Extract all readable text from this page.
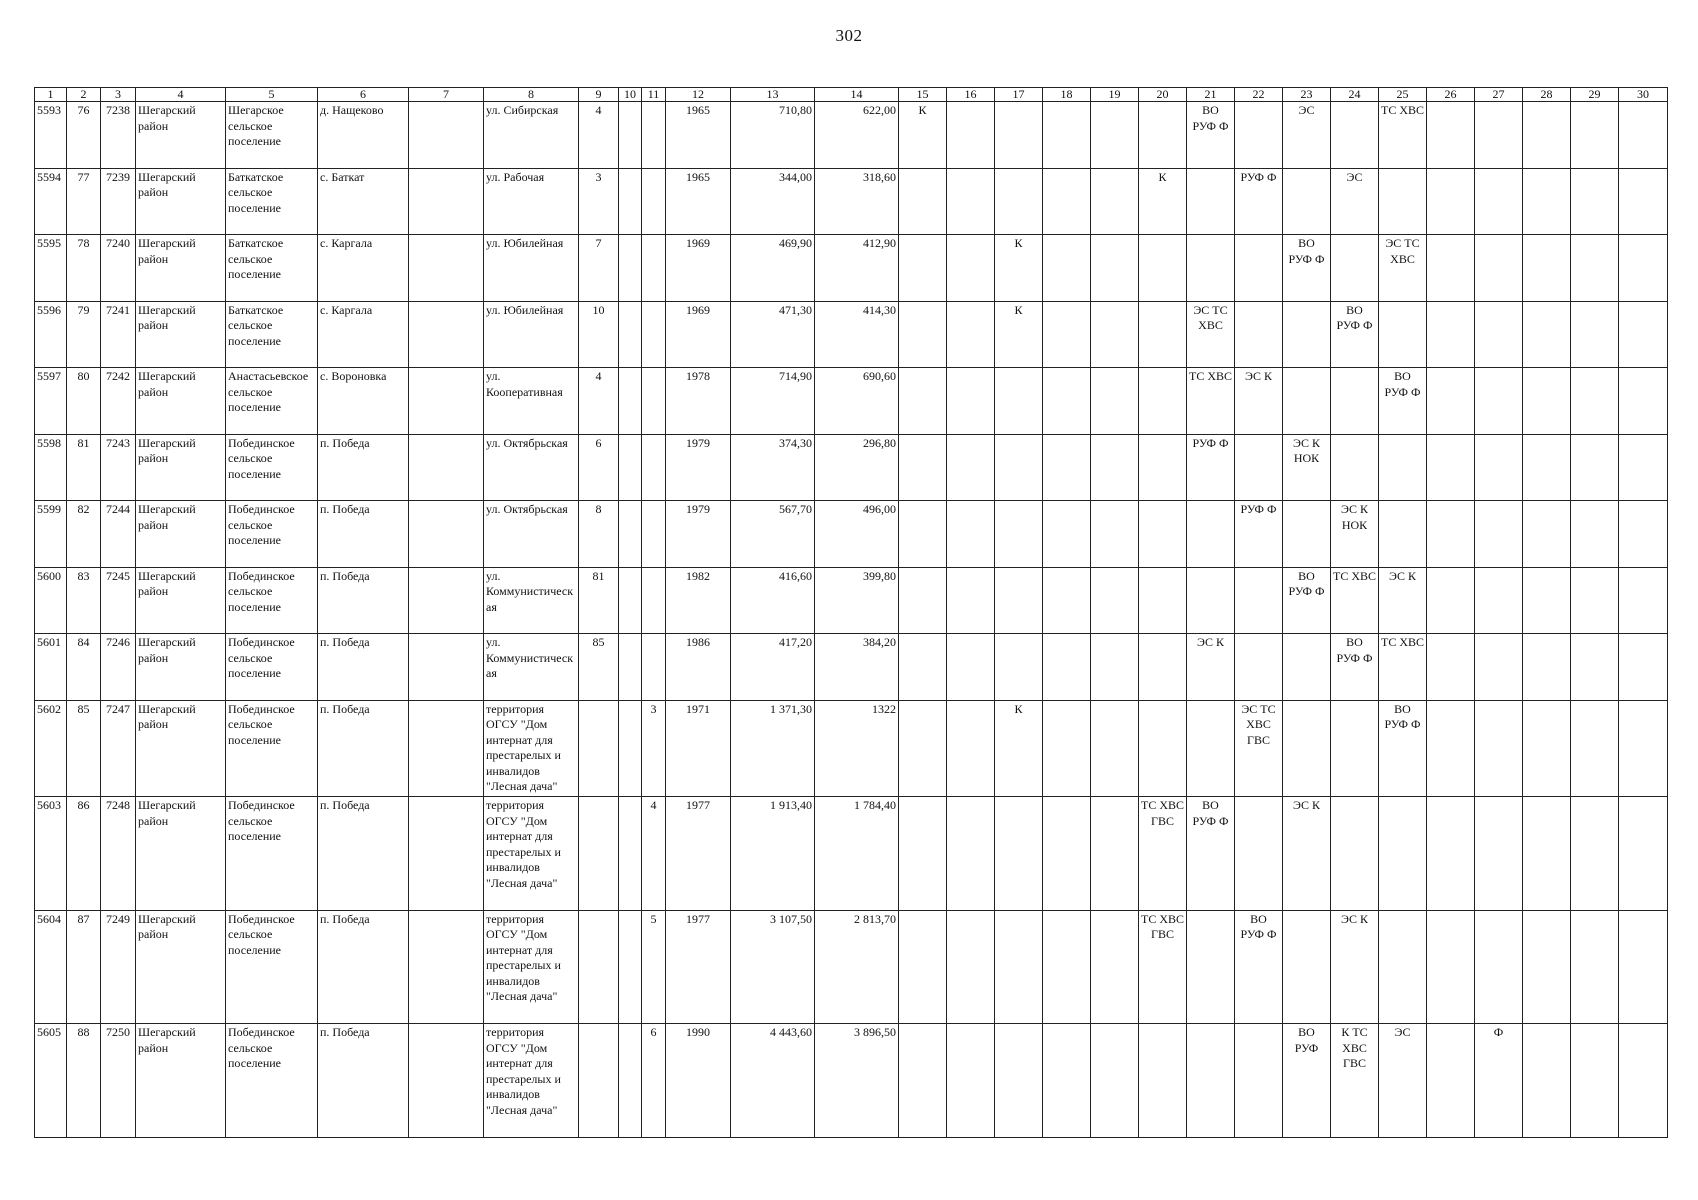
302
1	2	3	4	5	6	7	8	9	10	11	12	13	14	15	16	17	18	19	20	21	22	23	24	25	26	27	28	29	30
5593	76	7238	Шегарский район	Шегарское сельское поселение	д. Нащеково		ул. Сибирская	4			1965	710,80	622,00	К						ВО РУФ Ф		ЭС		ТС ХВС					
5594	77	7239	Шегарский район	Баткатское сельское поселение	с. Баткат		ул. Рабочая	3			1965	344,00	318,60						К		РУФ Ф		ЭС						
5595	78	7240	Шегарский район	Баткатское сельское поселение	с. Каргала		ул. Юбилейная	7			1969	469,90	412,90			К						ВО РУФ Ф		ЭС ТС ХВС					
5596	79	7241	Шегарский район	Баткатское сельское поселение	с. Каргала		ул. Юбилейная	10			1969	471,30	414,30			К				ЭС ТС ХВС			ВО РУФ Ф						
5597	80	7242	Шегарский район	Анастасьевское сельское поселение	с. Вороновка		ул. Кооперативная	4			1978	714,90	690,60							ТС ХВС	ЭС К			ВО РУФ Ф					
5598	81	7243	Шегарский район	Побединское сельское поселение	п. Победа		ул. Октябрьская	6			1979	374,30	296,80							РУФ Ф		ЭС К НОК							
5599	82	7244	Шегарский район	Побединское сельское поселение	п. Победа		ул. Октябрьская	8			1979	567,70	496,00								РУФ Ф		ЭС К НОК						
5600	83	7245	Шегарский район	Побединское сельское поселение	п. Победа		ул. Коммунистическая	81			1982	416,60	399,80									ВО РУФ Ф	ТС ХВС	ЭС К					
5601	84	7246	Шегарский район	Побединское сельское поселение	п. Победа		ул. Коммунистическая	85			1986	417,20	384,20							ЭС К			ВО РУФ Ф	ТС ХВС					
5602	85	7247	Шегарский район	Побединское сельское поселение	п. Победа		территория ОГСУ "Дом интернат для престарелых и инвалидов "Лесная дача"			3	1971	1 371,30	1322			К					ЭС ТС ХВС ГВС			ВО РУФ Ф					
5603	86	7248	Шегарский район	Побединское сельское поселение	п. Победа		территория ОГСУ "Дом интернат для престарелых и инвалидов "Лесная дача"			4	1977	1 913,40	1 784,40						ТС ХВС ГВС	ВО РУФ Ф		ЭС К							
5604	87	7249	Шегарский район	Побединское сельское поселение	п. Победа		территория ОГСУ "Дом интернат для престарелых и инвалидов "Лесная дача"			5	1977	3 107,50	2 813,70						ТС ХВС ГВС		ВО РУФ Ф		ЭС К						
5605	88	7250	Шегарский район	Побединское сельское поселение	п. Победа		территория ОГСУ "Дом интернат для престарелых и инвалидов "Лесная дача"			6	1990	4 443,60	3 896,50									ВО РУФ	К ТС ХВС ГВС	ЭС		Ф			
